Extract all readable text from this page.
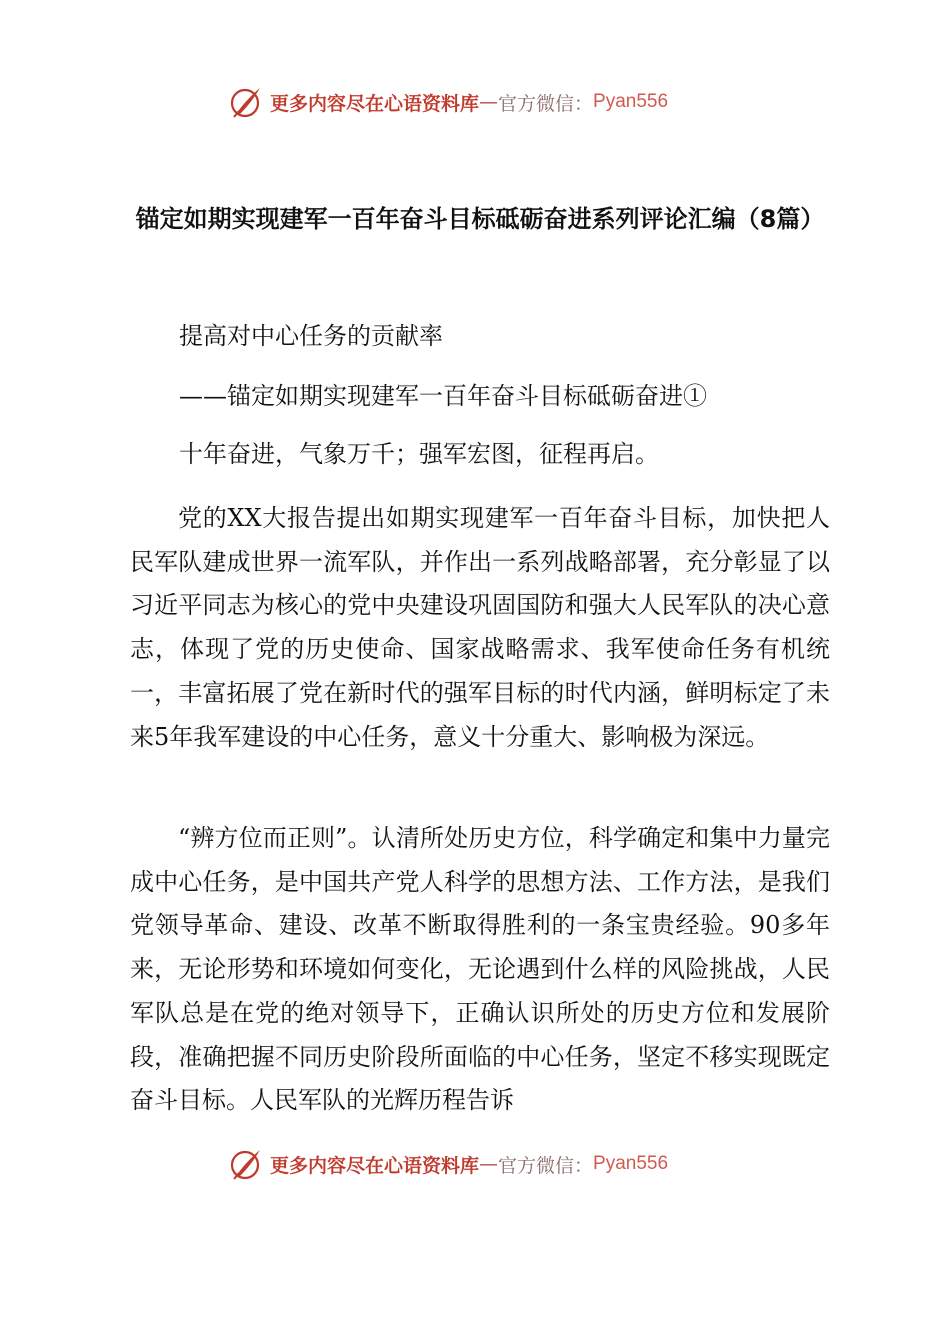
更多内容尽在心语资料库 — 官方微信： Pyan556
锚定如期实现建军一百年奋斗目标砥砺奋进系列评论汇编（8篇）
提高对中心任务的贡献率
——锚定如期实现建军一百年奋斗目标砥砺奋进①
十年奋进，气象万千；强军宏图，征程再启。
党的XX大报告提出如期实现建军一百年奋斗目标，加快把人民军队建成世界一流军队，并作出一系列战略部署，充分彰显了以习近平同志为核心的党中央建设巩固国防和强大人民军队的决心意志，体现了党的历史使命、国家战略需求、我军使命任务有机统一，丰富拓展了党在新时代的强军目标的时代内涵，鲜明标定了未来5年我军建设的中心任务，意义十分重大、影响极为深远。
“辨方位而正则”。认清所处历史方位，科学确定和集中力量完成中心任务，是中国共产党人科学的思想方法、工作方法，是我们党领导革命、建设、改革不断取得胜利的一条宝贵经验。90多年来，无论形势和环境如何变化，无论遇到什么样的风险挑战，人民军队总是在党的绝对领导下，正确认识所处的历史方位和发展阶段，准确把握不同历史阶段所面临的中心任务，坚定不移实现既定奋斗目标。人民军队的光辉历程告诉
更多内容尽在心语资料库 — 官方微信： Pyan556
